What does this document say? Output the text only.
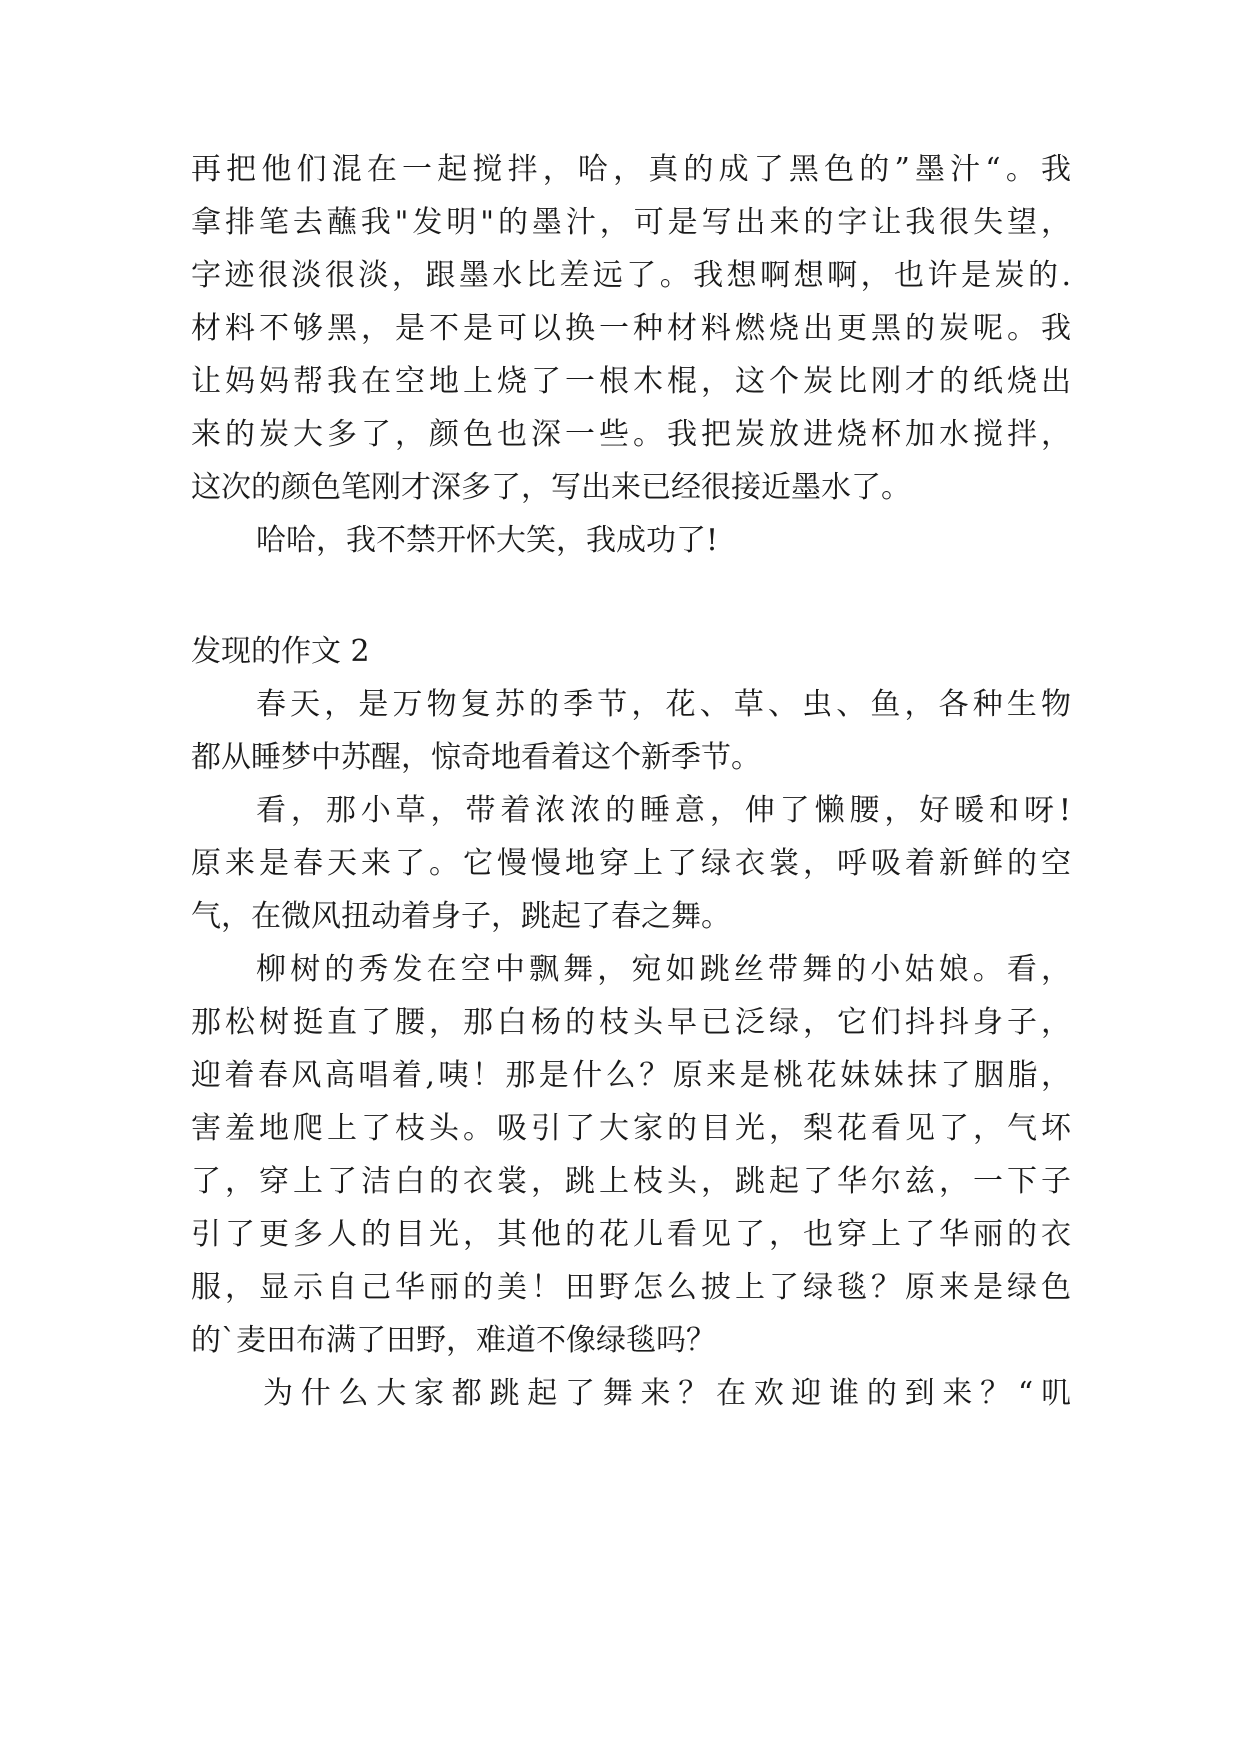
再把他们混在一起搅拌，哈，真的成了黑色的”墨汁“。我
拿排笔去蘸我"发明"的墨汁，可是写出来的字让我很失望，
字迹很淡很淡，跟墨水比差远了。我想啊想啊，也许是炭的.
材料不够黑，是不是可以换一种材料燃烧出更黑的炭呢。我
让妈妈帮我在空地上烧了一根木棍，这个炭比刚才的纸烧出
来的炭大多了，颜色也深一些。我把炭放进烧杯加水搅拌，
这次的颜色笔刚才深多了，写出来已经很接近墨水了。
哈哈，我不禁开怀大笑，我成功了!
发现的作文 2
春天，是万物复苏的季节，花、草、虫、鱼，各种生物
都从睡梦中苏醒，惊奇地看着这个新季节。
看，那小草，带着浓浓的睡意，伸了懒腰，好暖和呀!
原来是春天来了。它慢慢地穿上了绿衣裳，呼吸着新鲜的空
气，在微风扭动着身子，跳起了春之舞。
柳树的秀发在空中飘舞，宛如跳丝带舞的小姑娘。看，
那松树挺直了腰，那白杨的枝头早已泛绿，它们抖抖身子，
迎着春风高唱着,咦！那是什么？原来是桃花妹妹抹了胭脂，
害羞地爬上了枝头。吸引了大家的目光，梨花看见了，气坏
了，穿上了洁白的衣裳，跳上枝头，跳起了华尔兹，一下子
引了更多人的目光，其他的花儿看见了，也穿上了华丽的衣
服，显示自己华丽的美！田野怎么披上了绿毯？原来是绿色
的`麦田布满了田野，难道不像绿毯吗？
为什么大家都跳起了舞来？在欢迎谁的到来？“叽
